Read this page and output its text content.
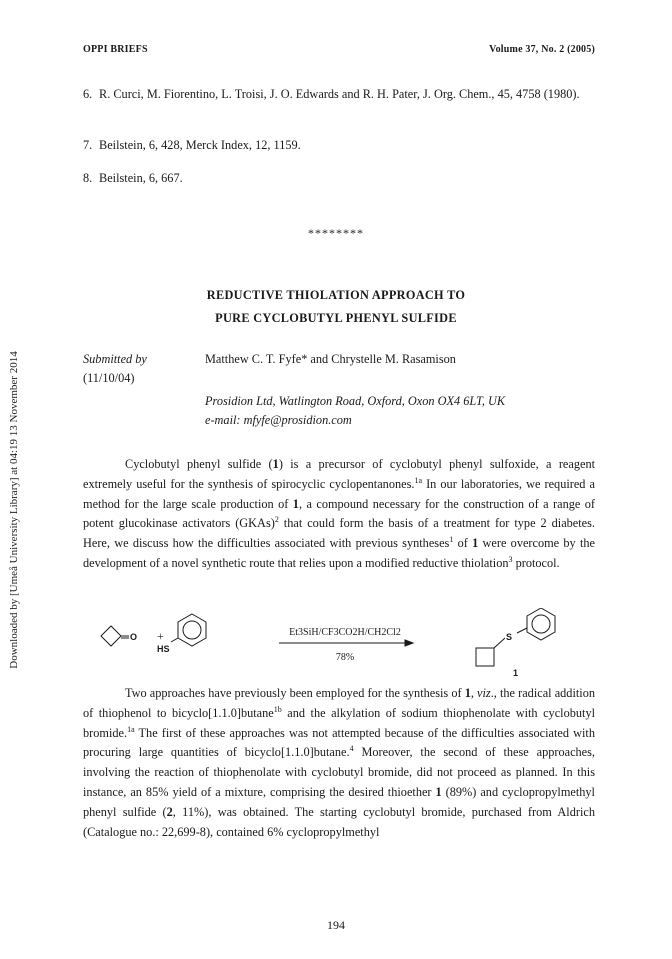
OPPI BRIEFS	Volume 37, No. 2 (2005)
Downloaded by [Umeå University Library] at 04:19 13 November 2014
6. R. Curci, M. Fiorentino, L. Troisi, J. O. Edwards and R. H. Pater, J. Org. Chem., 45, 4758 (1980).
7. Beilstein, 6, 428, Merck Index, 12, 1159.
8. Beilstein, 6, 667.
********
REDUCTIVE THIOLATION APPROACH TO
PURE CYCLOBUTYL PHENYL SULFIDE
Submitted by
(11/10/04)
Matthew C. T. Fyfe* and Chrystelle M. Rasamison
Prosidion Ltd, Watlington Road, Oxford, Oxon OX4 6LT, UK
e-mail: mfyfe@prosidion.com

Cyclobutyl phenyl sulfide (1) is a precursor of cyclobutyl phenyl sulfoxide, a reagent extremely useful for the synthesis of spirocyclic cyclopentanones.$^{1a}$ In our laboratories, we required a method for the large scale production of 1, a compound necessary for the construction of a range of potent glucokinase activators (GKAs)$^2$ that could form the basis of a treatment for type 2 diabetes. Here, we discuss how the difficulties associated with previous syntheses$^1$ of 1 were overcome by the development of a novel synthetic route that relies upon a modified reductive thiolation$^3$ protocol.

O +
HS
S
1
Et3SiH/CF3CO2H/CH2Cl2
78%

Two approaches have previously been employed for the synthesis of 1, viz., the radical addition of thiophenol to bicyclo[1.1.0]butane$^{1b}$ and the alkylation of sodium thiophenolate with cyclobutyl bromide.$^{1a}$ The first of these approaches was not attempted because of the difficulties associated with procuring large quantities of bicyclo[1.1.0]butane.$^4$ Moreover, the second of these approaches, involving the reaction of thiophenolate with cyclobutyl bromide, did not proceed as planned. In this instance, an 85% yield of a mixture, comprising the desired thioether 1 (89%) and cyclopropylmethyl phenyl sulfide (2, 11%), was obtained. The starting cyclobutyl bromide, purchased from Aldrich (Catalogue no.: 22,699-8), contained 6% cyclopropylmethyl

194
